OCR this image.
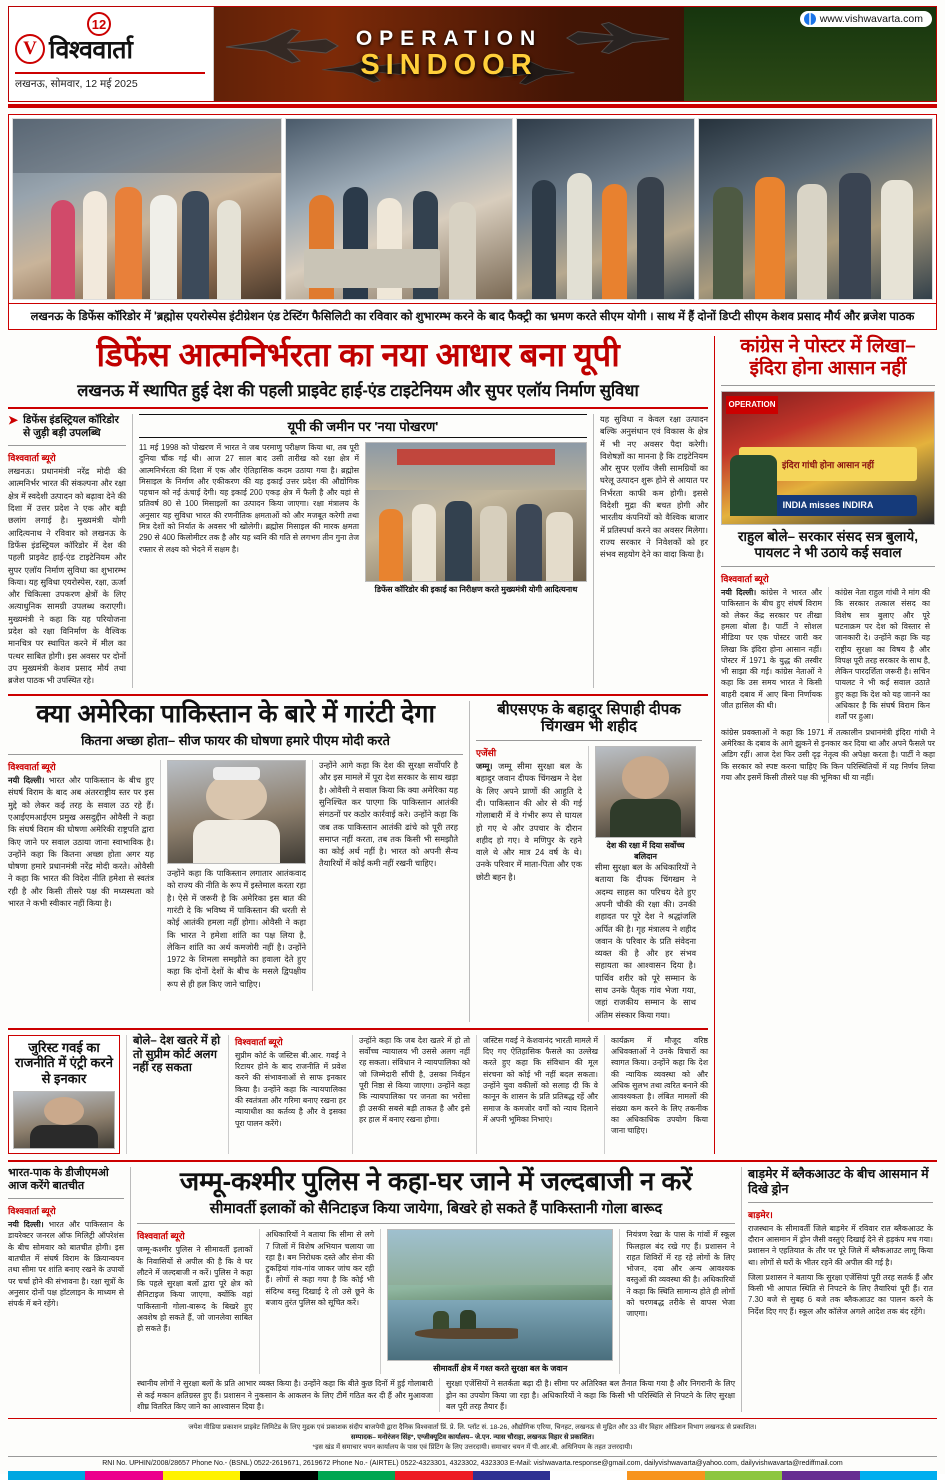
12
V विश्ववार्ता
लखनऊ, सोमवार, 12 मई 2025
OPERATION
SINDOOR
www.vishwavarta.com
लखनऊ के डिफेंस कॉरिडोर में 'ब्रह्मोस एयरोस्पेस इंटीग्रेशन एंड टेस्टिंग फैसिलिटी का रविवार को शुभारम्भ करने के बाद फैक्ट्री का भ्रमण करते सीएम योगी । साथ में हैं दोनों डिप्टी सीएम केशव प्रसाद मौर्य और ब्रजेश पाठक
डिफेंस आत्मनिर्भरता का नया आधार बना यूपी
लखनऊ में स्थापित हुई देश की पहली प्राइवेट हाई-एंड टाइटेनियम और सुपर एलॉय निर्माण सुविधा
➤ डिफेंस इंडस्ट्रियल कॉरिडोर से जुड़ी बड़ी उपलब्धि
विश्ववार्ता ब्यूरो
लखनऊ। प्रधानमंत्री नरेंद्र मोदी की आत्मनिर्भर भारत की संकल्पना और रक्षा क्षेत्र में स्वदेशी उत्पादन को बढ़ावा देने की दिशा में उत्तर प्रदेश ने एक और बड़ी छलांग लगाई है। मुख्यमंत्री योगी आदित्यनाथ ने रविवार को लखनऊ के डिफेंस इंडस्ट्रियल कॉरिडोर में देश की पहली प्राइवेट हाई-एंड टाइटेनियम और सुपर एलॉय निर्माण सुविधा का शुभारम्भ किया। यह सुविधा एयरोस्पेस, रक्षा, ऊर्जा और चिकित्सा उपकरण क्षेत्रों के लिए अत्याधुनिक सामग्री उपलब्ध कराएगी। मुख्यमंत्री ने कहा कि यह परियोजना प्रदेश को रक्षा विनिर्माण के वैश्विक मानचित्र पर स्थापित करने में मील का पत्थर साबित होगी। इस अवसर पर दोनों उप मुख्यमंत्री केशव प्रसाद मौर्य तथा ब्रजेश पाठक भी उपस्थित रहे।
यूपी की जमीन पर 'नया पोखरण'
11 मई 1998 को पोखरण में भारत ने जब परमाणु परीक्षण किया था, तब पूरी दुनिया चौंक गई थी। आज 27 साल बाद उसी तारीख को रक्षा क्षेत्र में आत्मनिर्भरता की दिशा में एक और ऐतिहासिक कदम उठाया गया है। ब्रह्मोस मिसाइल के निर्माण और एकीकरण की यह इकाई उत्तर प्रदेश की औद्योगिक पहचान को नई ऊंचाई देगी। यह इकाई 200 एकड़ क्षेत्र में फैली है और यहां से प्रतिवर्ष 80 से 100 मिसाइलों का उत्पादन किया जाएगा। रक्षा मंत्रालय के अनुसार यह सुविधा भारत की रणनीतिक क्षमताओं को और मजबूत करेगी तथा मित्र देशों को निर्यात के अवसर भी खोलेगी। ब्रह्मोस मिसाइल की मारक क्षमता 290 से 400 किलोमीटर तक है और यह ध्वनि की गति से लगभग तीन गुना तेज रफ्तार से लक्ष्य को भेदने में सक्षम है।
डिफेंस कॉरिडोर की इकाई का निरीक्षण करते मुख्यमंत्री योगी आदित्यनाथ
यह सुविधा न केवल रक्षा उत्पादन बल्कि अनुसंधान एवं विकास के क्षेत्र में भी नए अवसर पैदा करेगी। विशेषज्ञों का मानना है कि टाइटेनियम और सुपर एलॉय जैसी सामग्रियों का घरेलू उत्पादन शुरू होने से आयात पर निर्भरता काफी कम होगी। इससे विदेशी मुद्रा की बचत होगी और भारतीय कंपनियों को वैश्विक बाजार में प्रतिस्पर्धा करने का अवसर मिलेगा। राज्य सरकार ने निवेशकों को हर संभव सहयोग देने का वादा किया है।
क्या अमेरिका पाकिस्तान के बारे में गारंटी देगा
कितना अच्छा होता– सीज फायर की घोषणा हमारे पीएम मोदी करते
विश्ववार्ता ब्यूरो
नयी दिल्ली। भारत और पाकिस्तान के बीच हुए संघर्ष विराम के बाद अब अंतरराष्ट्रीय स्तर पर इस मुद्दे को लेकर कई तरह के सवाल उठ रहे हैं। एआईएमआईएम प्रमुख असदुद्दीन ओवैसी ने कहा कि संघर्ष विराम की घोषणा अमेरिकी राष्ट्रपति द्वारा किए जाने पर सवाल उठाया जाना स्वाभाविक है। उन्होंने कहा कि कितना अच्छा होता अगर यह घोषणा हमारे प्रधानमंत्री नरेंद्र मोदी करते। ओवैसी ने कहा कि भारत की विदेश नीति हमेशा से स्वतंत्र रही है और किसी तीसरे पक्ष की मध्यस्थता को भारत ने कभी स्वीकार नहीं किया है।
उन्होंने कहा कि पाकिस्तान लगातार आतंकवाद को राज्य की नीति के रूप में इस्तेमाल करता रहा है। ऐसे में जरूरी है कि अमेरिका इस बात की गारंटी दे कि भविष्य में पाकिस्तान की धरती से कोई आतंकी हमला नहीं होगा। ओवैसी ने कहा कि भारत ने हमेशा शांति का पक्ष लिया है, लेकिन शांति का अर्थ कमजोरी नहीं है। उन्होंने 1972 के शिमला समझौते का हवाला देते हुए कहा कि दोनों देशों के बीच के मसले द्विपक्षीय रूप से ही हल किए जाने चाहिए।
उन्होंने आगे कहा कि देश की सुरक्षा सर्वोपरि है और इस मामले में पूरा देश सरकार के साथ खड़ा है। ओवैसी ने सवाल किया कि क्या अमेरिका यह सुनिश्चित कर पाएगा कि पाकिस्तान आतंकी संगठनों पर कठोर कार्रवाई करे। उन्होंने कहा कि जब तक पाकिस्तान आतंकी ढांचे को पूरी तरह समाप्त नहीं करता, तब तक किसी भी समझौते का कोई अर्थ नहीं है। भारत को अपनी सैन्य तैयारियों में कोई कमी नहीं रखनी चाहिए।
बीएसएफ के बहादुर सिपाही दीपक चिंगखम भी शहीद
एजेंसी
जम्मू। जम्मू सीमा सुरक्षा बल के बहादुर जवान दीपक चिंगखम ने देश के लिए अपने प्राणों की आहुति दे दी। पाकिस्तान की ओर से की गई गोलाबारी में वे गंभीर रूप से घायल हो गए थे और उपचार के दौरान शहीद हो गए। वे मणिपुर के रहने वाले थे और मात्र 24 वर्ष के थे। उनके परिवार में माता-पिता और एक छोटी बहन है।
देश की रक्षा में दिया सर्वोच्च बलिदान
सीमा सुरक्षा बल के अधिकारियों ने बताया कि दीपक चिंगखम ने अदम्य साहस का परिचय देते हुए अपनी चौकी की रक्षा की। उनकी शहादत पर पूरे देश ने श्रद्धांजलि अर्पित की है। गृह मंत्रालय ने शहीद जवान के परिवार के प्रति संवेदना व्यक्त की है और हर संभव सहायता का आश्वासन दिया है। पार्थिव शरीर को पूरे सम्मान के साथ उनके पैतृक गांव भेजा गया, जहां राजकीय सम्मान के साथ अंतिम संस्कार किया गया।
जुरिस्ट गवई का राजनीति में एंट्री करने से इनकार
बोले– देश खतरे में हो तो सुप्रीम कोर्ट अलग नहीं रह सकता
विश्ववार्ता ब्यूरो
सुप्रीम कोर्ट के जस्टिस बी.आर. गवई ने रिटायर होने के बाद राजनीति में प्रवेश करने की संभावनाओं से साफ इनकार किया है। उन्होंने कहा कि न्यायपालिका की स्वतंत्रता और गरिमा बनाए रखना हर न्यायाधीश का कर्तव्य है और वे इसका पूरा पालन करेंगे।
उन्होंने कहा कि जब देश खतरे में हो तो सर्वोच्च न्यायालय भी उससे अलग नहीं रह सकता। संविधान ने न्यायपालिका को जो जिम्मेदारी सौंपी है, उसका निर्वहन पूरी निष्ठा से किया जाएगा। उन्होंने कहा कि न्यायपालिका पर जनता का भरोसा ही उसकी सबसे बड़ी ताकत है और इसे हर हाल में बनाए रखना होगा।
जस्टिस गवई ने केशवानंद भारती मामले में दिए गए ऐतिहासिक फैसले का उल्लेख करते हुए कहा कि संविधान की मूल संरचना को कोई भी नहीं बदल सकता। उन्होंने युवा वकीलों को सलाह दी कि वे कानून के शासन के प्रति प्रतिबद्ध रहें और समाज के कमजोर वर्गों को न्याय दिलाने में अपनी भूमिका निभाएं।
कार्यक्रम में मौजूद वरिष्ठ अधिवक्ताओं ने उनके विचारों का स्वागत किया। उन्होंने कहा कि देश की न्यायिक व्यवस्था को और अधिक सुलभ तथा त्वरित बनाने की आवश्यकता है। लंबित मामलों की संख्या कम करने के लिए तकनीक का अधिकाधिक उपयोग किया जाना चाहिए।
कांग्रेस ने पोस्टर में लिखा– इंदिरा होना आसान नहीं
OPERATION
इंदिरा गांधी होना आसान नहीं
INDIA misses INDIRA
राहुल बोले– सरकार संसद सत्र बुलाये, पायलट ने भी उठाये कई सवाल
विश्ववार्ता ब्यूरो
नयी दिल्ली। कांग्रेस ने भारत और पाकिस्तान के बीच हुए संघर्ष विराम को लेकर केंद्र सरकार पर तीखा हमला बोला है। पार्टी ने सोशल मीडिया पर एक पोस्टर जारी कर लिखा कि इंदिरा होना आसान नहीं। पोस्टर में 1971 के युद्ध की तस्वीर भी साझा की गई। कांग्रेस नेताओं ने कहा कि उस समय भारत ने किसी बाहरी दबाव में आए बिना निर्णायक जीत हासिल की थी।
कांग्रेस नेता राहुल गांधी ने मांग की कि सरकार तत्काल संसद का विशेष सत्र बुलाए और पूरे घटनाक्रम पर देश को विस्तार से जानकारी दे। उन्होंने कहा कि यह राष्ट्रीय सुरक्षा का विषय है और विपक्ष पूरी तरह सरकार के साथ है, लेकिन पारदर्शिता जरूरी है। सचिन पायलट ने भी कई सवाल उठाते हुए कहा कि देश को यह जानने का अधिकार है कि संघर्ष विराम किन शर्तों पर हुआ।
कांग्रेस प्रवक्ताओं ने कहा कि 1971 में तत्कालीन प्रधानमंत्री इंदिरा गांधी ने अमेरिका के दबाव के आगे झुकने से इनकार कर दिया था और अपने फैसले पर अडिग रहीं। आज देश फिर उसी दृढ़ नेतृत्व की अपेक्षा करता है। पार्टी ने कहा कि सरकार को स्पष्ट करना चाहिए कि किन परिस्थितियों में यह निर्णय लिया गया और इसमें किसी तीसरे पक्ष की भूमिका थी या नहीं।
भारत-पाक के डीजीएमओ आज करेंगे बातचीत
विश्ववार्ता ब्यूरो
नयी दिल्ली। भारत और पाकिस्तान के डायरेक्टर जनरल ऑफ मिलिट्री ऑपरेशंस के बीच सोमवार को बातचीत होगी। इस बातचीत में संघर्ष विराम के क्रियान्वयन तथा सीमा पर शांति बनाए रखने के उपायों पर चर्चा होने की संभावना है। रक्षा सूत्रों के अनुसार दोनों पक्ष हॉटलाइन के माध्यम से संपर्क में बने रहेंगे।
जम्मू-कश्मीर पुलिस ने कहा-घर जाने में जल्दबाजी न करें
सीमावर्ती इलाकों को सैनिटाइज किया जायेगा, बिखरे हो सकते हैं पाकिस्तानी गोला बारूद
विश्ववार्ता ब्यूरो
जम्मू-कश्मीर पुलिस ने सीमावर्ती इलाकों के निवासियों से अपील की है कि वे घर लौटने में जल्दबाजी न करें। पुलिस ने कहा कि पहले सुरक्षा बलों द्वारा पूरे क्षेत्र को सैनिटाइज किया जाएगा, क्योंकि वहां पाकिस्तानी गोला-बारूद के बिखरे हुए अवशेष हो सकते हैं, जो जानलेवा साबित हो सकते हैं।
अधिकारियों ने बताया कि सीमा से लगे 7 जिलों में विशेष अभियान चलाया जा रहा है। बम निरोधक दस्ते और सेना की टुकड़ियां गांव-गांव जाकर जांच कर रही हैं। लोगों से कहा गया है कि कोई भी संदिग्ध वस्तु दिखाई दे तो उसे छूने के बजाय तुरंत पुलिस को सूचित करें।
सीमावर्ती क्षेत्र में गश्त करते सुरक्षा बल के जवान
नियंत्रण रेखा के पास के गांवों में स्कूल फिलहाल बंद रखे गए हैं। प्रशासन ने राहत शिविरों में रह रहे लोगों के लिए भोजन, दवा और अन्य आवश्यक वस्तुओं की व्यवस्था की है। अधिकारियों ने कहा कि स्थिति सामान्य होते ही लोगों को चरणबद्ध तरीके से वापस भेजा जाएगा।
स्थानीय लोगों ने सुरक्षा बलों के प्रति आभार व्यक्त किया है। उन्होंने कहा कि बीते कुछ दिनों में हुई गोलाबारी से कई मकान क्षतिग्रस्त हुए हैं। प्रशासन ने नुकसान के आकलन के लिए टीमें गठित कर दी हैं और मुआवजा शीघ्र वितरित किए जाने का आश्वासन दिया है।
सुरक्षा एजेंसियों ने सतर्कता बढ़ा दी है। सीमा पर अतिरिक्त बल तैनात किया गया है और निगरानी के लिए ड्रोन का उपयोग किया जा रहा है। अधिकारियों ने कहा कि किसी भी परिस्थिति से निपटने के लिए सुरक्षा बल पूरी तरह तैयार हैं।
बाड़मेर में ब्लैकआउट के बीच आसमान में दिखे ड्रोन
बाड़मेर।
राजस्थान के सीमावर्ती जिले बाड़मेर में रविवार रात ब्लैकआउट के दौरान आसमान में ड्रोन जैसी वस्तुएं दिखाई देने से हड़कंप मच गया। प्रशासन ने एहतियात के तौर पर पूरे जिले में ब्लैकआउट लागू किया था। लोगों से घरों के भीतर रहने की अपील की गई है।
जिला प्रशासन ने बताया कि सुरक्षा एजेंसियां पूरी तरह सतर्क हैं और किसी भी आपात स्थिति से निपटने के लिए तैयारियां पूरी हैं। रात 7.30 बजे से सुबह 6 बजे तक ब्लैकआउट का पालन करने के निर्देश दिए गए हैं। स्कूल और कॉलेज अगले आदेश तक बंद रहेंगे।
जयेश मीडिया प्रकाशन प्राइवेट लिमिटेड के लिए मुद्रक एवं प्रकाशक संदीप बाजपेयी द्वारा दैनिक विश्ववार्ता प्रिं. प्रे. लि. प्लॉट सं. 18-26, औद्योगिक एरिया, चिनहट, लखनऊ से मुद्रित और 33 वीर विहार ऑडिशन विभाग लखनऊ से प्रकाशित।
सम्पादक– मनोरंजन सिंह*, एग्जीक्यूटिव कार्यालय– जे.एन. न्यास चौराहा, लखनऊ विहार से प्रकाशित।
*इस खंड में समाचार चयन कार्यालय के पास एवं प्रिंटिंग के लिए उत्तरदायी। समाचार चयन में पी.आर.बी. अधिनियम के तहत उत्तरदायी।
RNI No. UPHIN/2008/28657 Phone No.- (BSNL) 0522-2619671, 2619672 Phone No.- (AIRTEL) 0522-4323301, 4323302, 4323303 E-Mail: vishwavarta.response@gmail.com, dailyvishwavarta@yahoo.com, dailyvishwavarta@rediffmail.com
